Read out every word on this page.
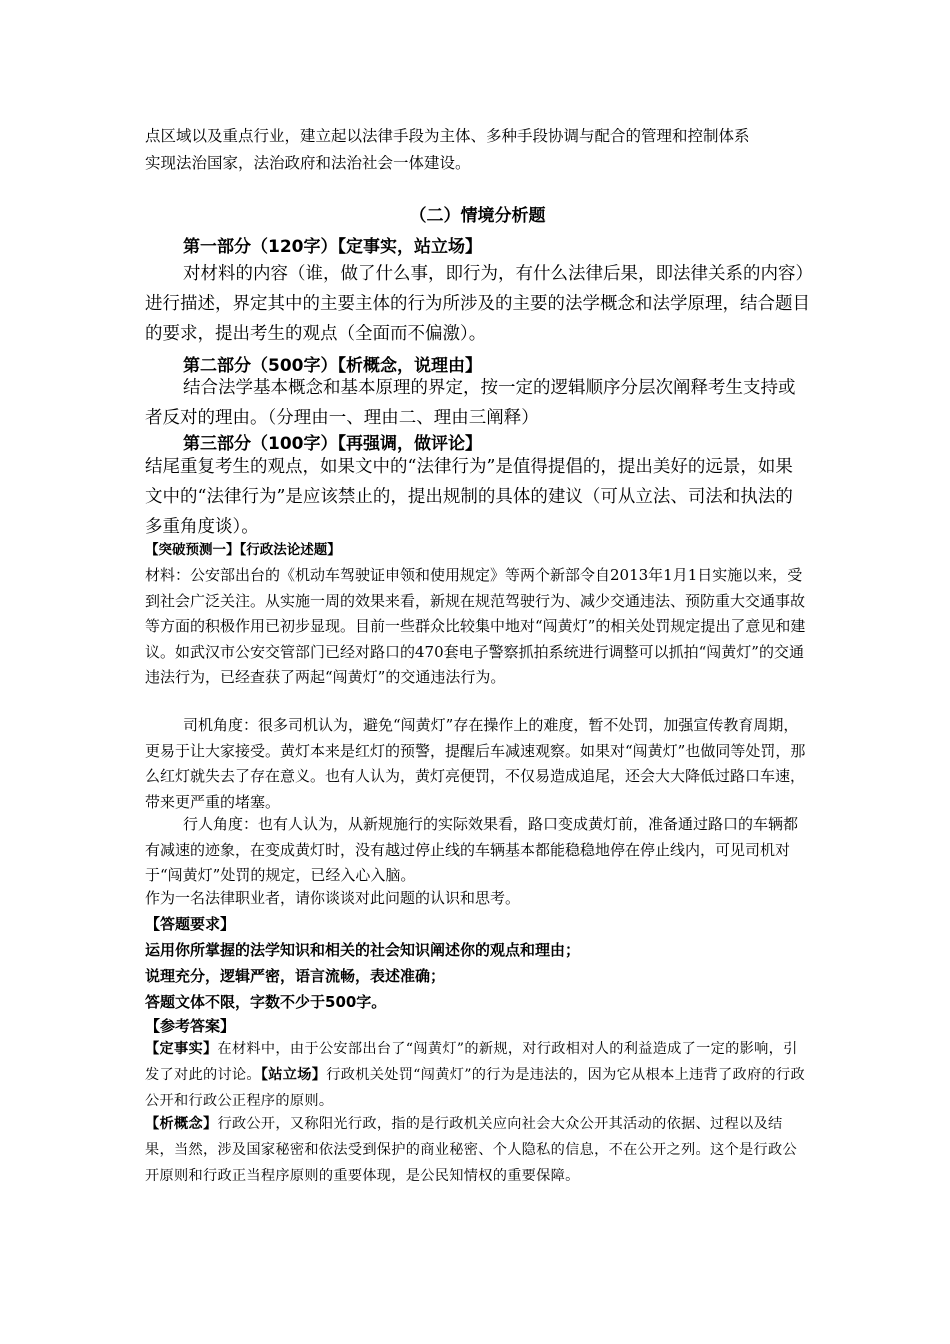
点区域以及重点行业，建立起以法律手段为主体、多种手段协调与配合的管理和控制体系

实现法治国家，法治政府和法治社会一体建设。

（二）情境分析题

第一部分（120字）【定事实，站立场】

对材料的内容（谁，做了什么事，即行为，有什么法律后果，即法律关系的内容）进行描述，界定其中的主要主体的行为所涉及的主要的法学概念和法学原理，结合题目的要求，提出考生的观点（全面而不偏激）。

第二部分（500字）【析概念，说理由】

结合法学基本概念和基本原理的界定，按一定的逻辑顺序分层次阐释考生支持或者反对的理由。（分理由一、理由二、理由三阐释）

第三部分（100字）【再强调，做评论】

结尾重复考生的观点，如果文中的“法律行为”是值得提倡的，提出美好的远景，如果文中的“法律行为”是应该禁止的，提出规制的具体的建议（可从立法、司法和执法的多重角度谈）。

【突破预测一】【行政法论述题】

材料：公安部出台的《机动车驾驶证申领和使用规定》等两个新部令自2013年1月1日实施以来，受到社会广泛关注。从实施一周的效果来看，新规在规范驾驶行为、减少交通违法、预防重大交通事故等方面的积极作用已初步显现。目前一些群众比较集中地对“闯黄灯”的相关处罚规定提出了意见和建议。如武汉市公安交管部门已经对路口的470套电子警察抓拍系统进行调整可以抓拍“闯黄灯”的交通违法行为，已经查获了两起“闯黄灯”的交通违法行为。

司机角度：很多司机认为，避免“闯黄灯”存在操作上的难度，暂不处罚，加强宣传教育周期，更易于让大家接受。黄灯本来是红灯的预警，提醒后车减速观察。如果对“闯黄灯”也做同等处罚，那么红灯就失去了存在意义。也有人认为，黄灯亮便罚，不仅易造成追尾，还会大大降低过路口车速，带来更严重的堵塞。

行人角度：也有人认为，从新规施行的实际效果看，路口变成黄灯前，准备通过路口的车辆都有减速的迹象，在变成黄灯时，没有越过停止线的车辆基本都能稳稳地停在停止线内，可见司机对于“闯黄灯”处罚的规定，已经入心入脑。

作为一名法律职业者，请你谈谈对此问题的认识和思考。

【答题要求】

运用你所掌握的法学知识和相关的社会知识阐述你的观点和理由；

说理充分，逻辑严密，语言流畅，表述准确；

答题文体不限，字数不少于500字。

【参考答案】

【定事实】在材料中，由于公安部出台了“闯黄灯”的新规，对行政相对人的利益造成了一定的影响，引发了对此的讨论。【站立场】行政机关处罚“闯黄灯”的行为是违法的，因为它从根本上违背了政府的行政公开和行政公正程序的原则。

【析概念】行政公开，又称阳光行政，指的是行政机关应向社会大众公开其活动的依据、过程以及结果，当然，涉及国家秘密和依法受到保护的商业秘密、个人隐私的信息，不在公开之列。这个是行政公开原则和行政正当程序原则的重要体现，是公民知情权的重要保障。
